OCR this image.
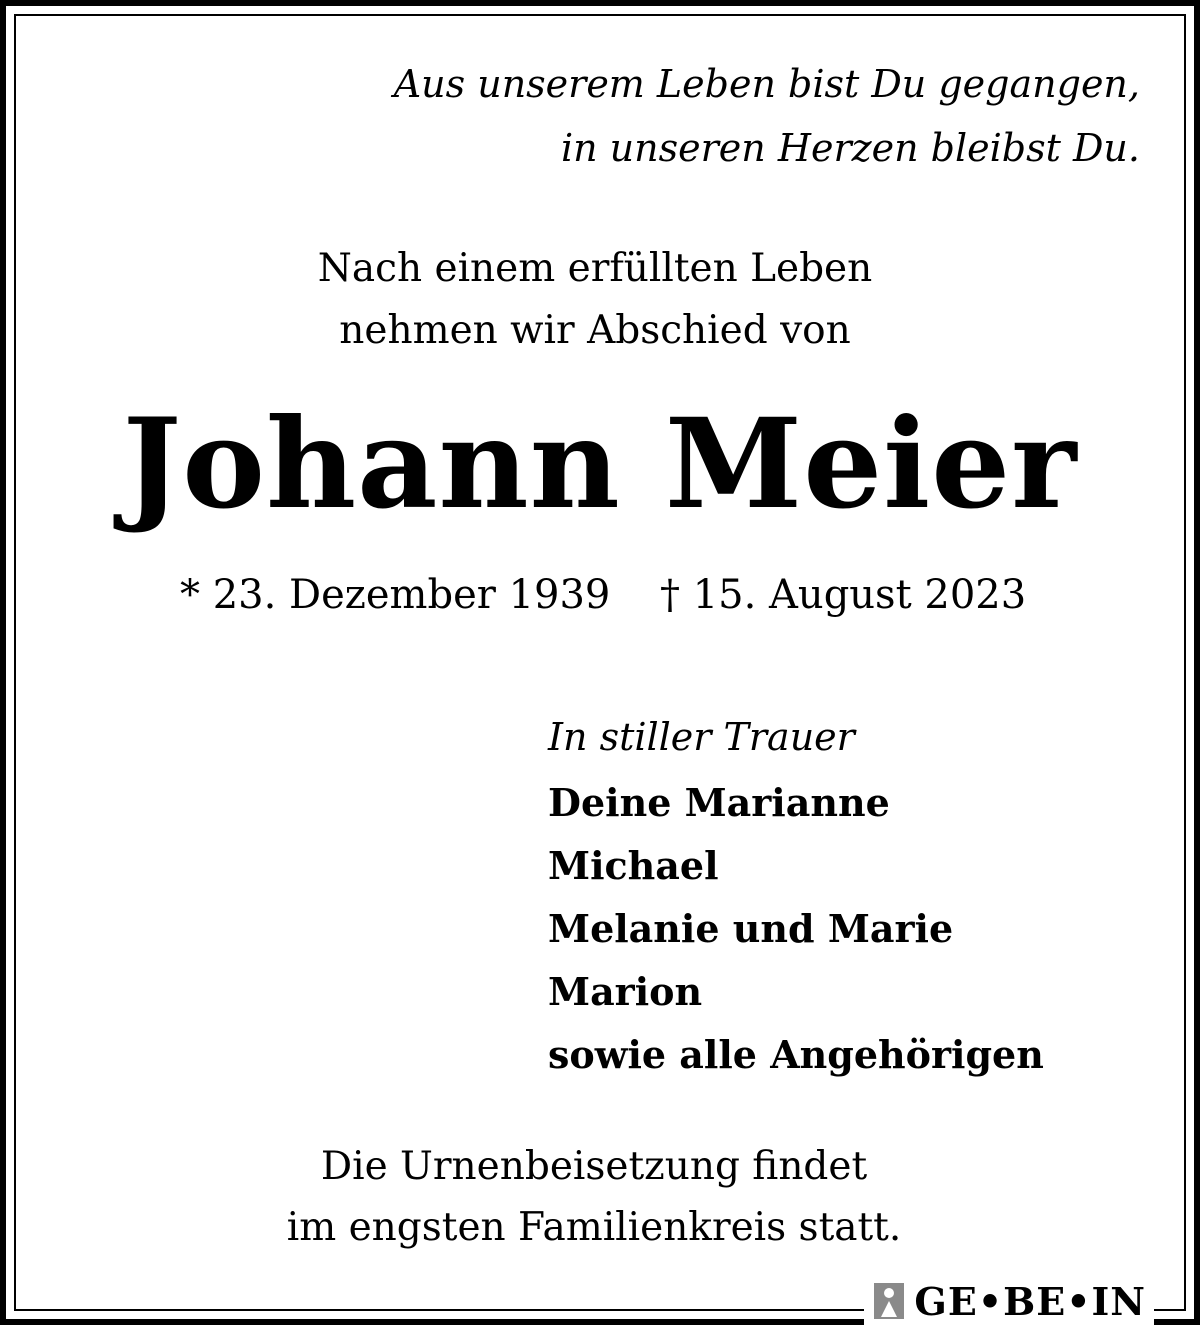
Aus unserem Leben bist Du gegangen,

in unseren Herzen bleibst Du.

Nach einem erfüllten Leben

nehmen wir Abschied von

Johann Meier

* 23. Dezember 1939 † 15. August 2023

In stiller Trauer

Deine Marianne

Michael

Melanie und Marie

Marion

sowie alle Angehörigen

Die Urnenbeisetzung findet

im engsten Familienkreis statt.

GE•BE•IN
